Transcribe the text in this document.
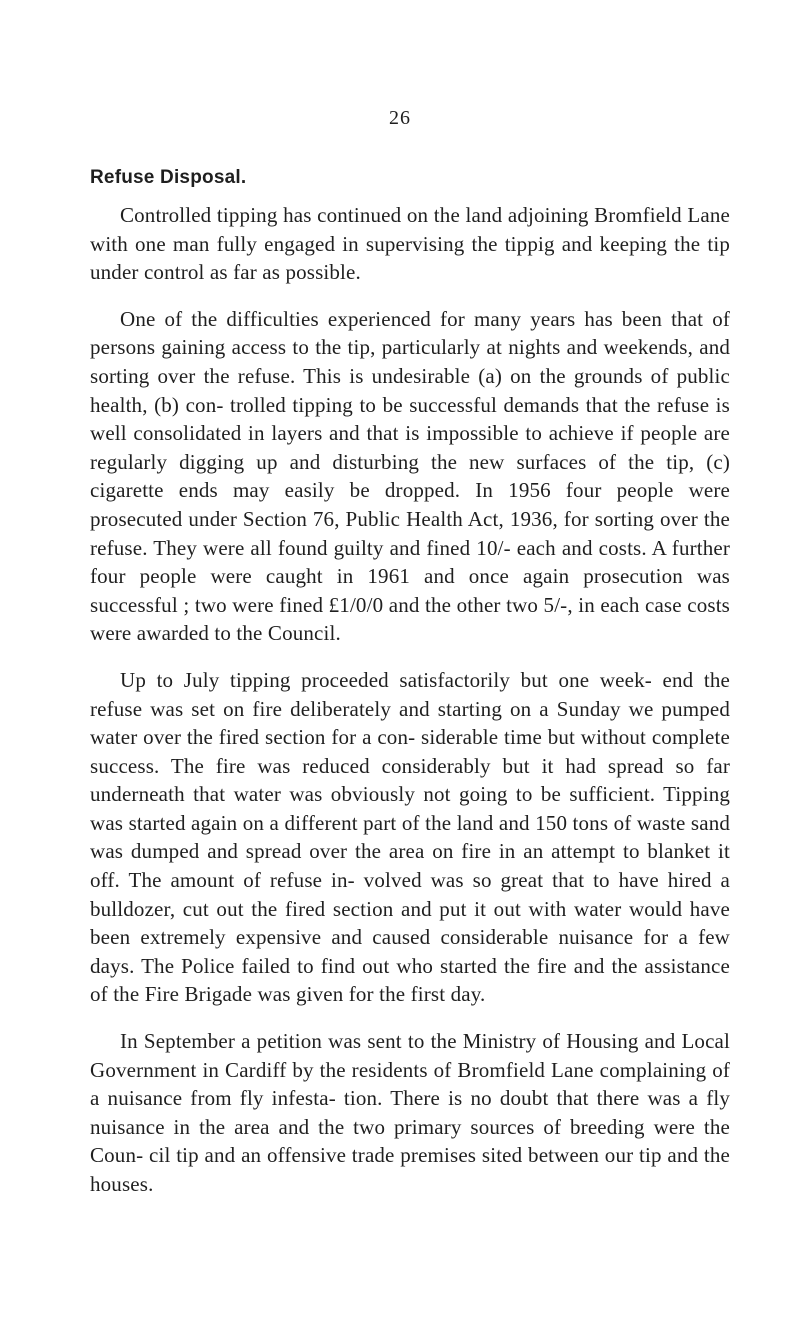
26
Refuse Disposal.

Controlled tipping has continued on the land adjoining Bromfield Lane with one man fully engaged in supervising the tippig and keeping the tip under control as far as possible.

One of the difficulties experienced for many years has been that of persons gaining access to the tip, particularly at nights and weekends, and sorting over the refuse. This is undesirable (a) on the grounds of public health, (b) con- trolled tipping to be successful demands that the refuse is well consolidated in layers and that is impossible to achieve if people are regularly digging up and disturbing the new surfaces of the tip, (c) cigarette ends may easily be dropped. In 1956 four people were prosecuted under Section 76, Public Health Act, 1936, for sorting over the refuse. They were all found guilty and fined 10/- each and costs. A further four people were caught in 1961 and once again prosecution was successful ; two were fined £1/0/0 and the other two 5/-, in each case costs were awarded to the Council.

Up to July tipping proceeded satisfactorily but one week- end the refuse was set on fire deliberately and starting on a Sunday we pumped water over the fired section for a con- siderable time but without complete success. The fire was reduced considerably but it had spread so far underneath that water was obviously not going to be sufficient. Tipping was started again on a different part of the land and 150 tons of waste sand was dumped and spread over the area on fire in an attempt to blanket it off. The amount of refuse in- volved was so great that to have hired a bulldozer, cut out the fired section and put it out with water would have been extremely expensive and caused considerable nuisance for a few days. The Police failed to find out who started the fire and the assistance of the Fire Brigade was given for the first day.

In September a petition was sent to the Ministry of Housing and Local Government in Cardiff by the residents of Bromfield Lane complaining of a nuisance from fly infesta- tion. There is no doubt that there was a fly nuisance in the area and the two primary sources of breeding were the Coun- cil tip and an offensive trade premises sited between our tip and the houses.
